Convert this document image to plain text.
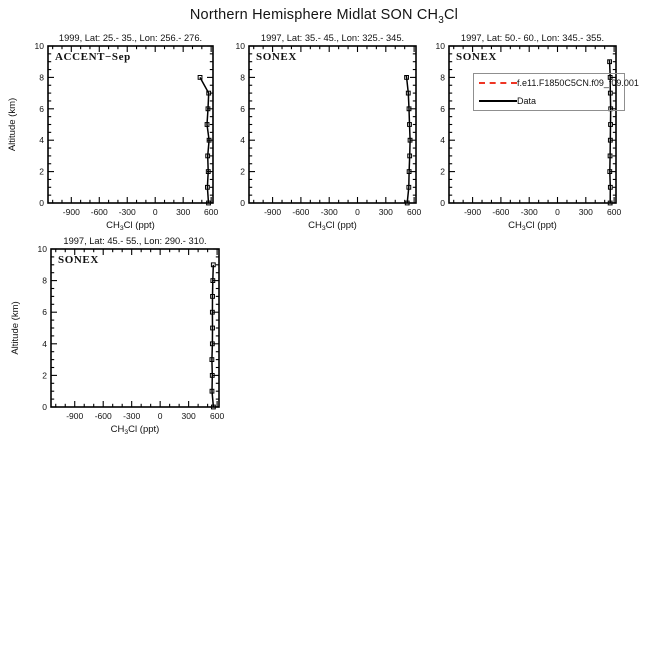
Northern Hemisphere Midlat SON $CH_3Cl$
-900 -600 -300 0 300 600
0
2
4
6
8
10
1999, Lat: 25.- 35., Lon: 256.- 276.
ACCENT−Sep
$CH_3Cl$ (ppt)
Altitude (km)
-900 -600 -300 0 300 600
0
2
4
6
8
10
1997, Lat: 35.- 45., Lon: 325.- 345.
SONEX
$CH_3Cl$ (ppt)
-900 -600 -300 0 300 600
0
2
4
6
8
10
1997, Lat: 50.- 60., Lon: 345.- 355.
SONEX
$CH_3Cl$ (ppt)
-900 -600 -300 0 300 600
0
2
4
6
8
10
1997, Lat: 45.- 55., Lon: 290.- 310.
SONEX
$CH_3Cl$ (ppt)
Altitude (km)
f.e11.F1850C5CN.f09_f09.001
Data
